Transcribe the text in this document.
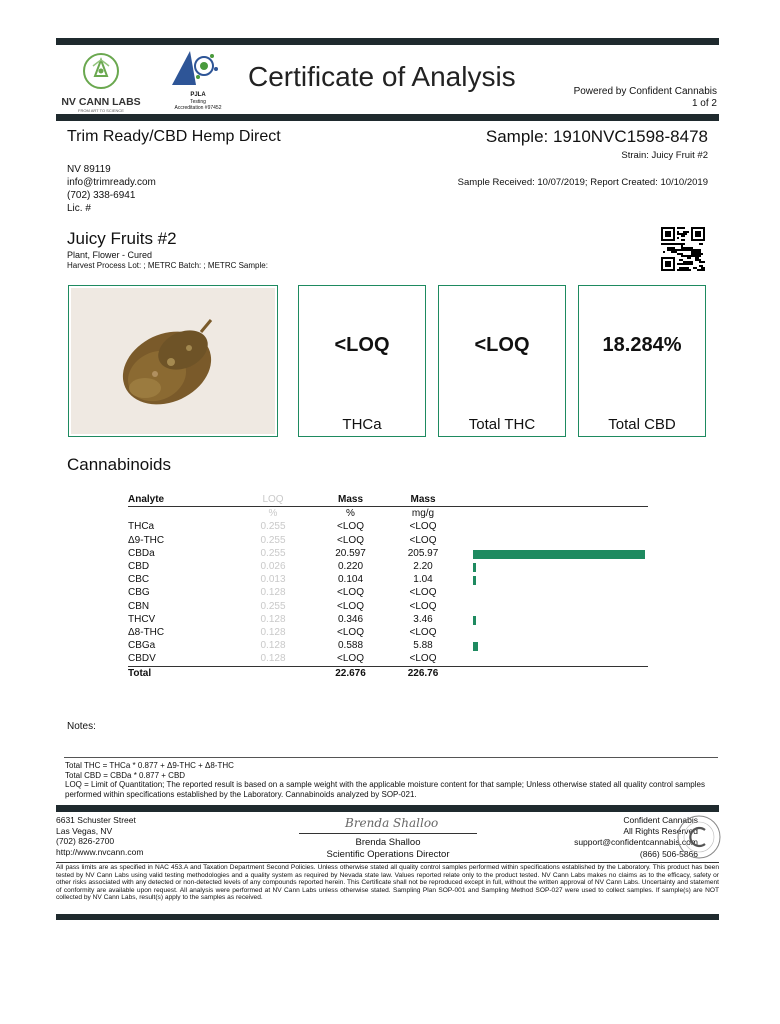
NV CANN LABS
FROM ART TO SCIENCE
PJLA
Testing
Accreditation #97452
Certificate of Analysis	Powered by Confident Cannabis
1 of 2
Trim Ready/CBD Hemp Direct
NV 89119
info@trimready.com
(702) 338-6941
Lic. #
Sample: 1910NVC1598-8478
Strain: Juicy Fruit #2
Sample Received: 10/07/2019; Report Created: 10/10/2019
Juicy Fruits #2
Plant, Flower - Cured
Harvest Process Lot: ; METRC Batch: ; METRC Sample:
<LOQ
THCa
<LOQ
Total THC
18.284%
Total CBD
Cannabinoids
Analyte	LOQ	Mass	Mass	
	%	%	mg/g	
THCa	0.255	<LOQ	<LOQ	
Δ9-THC	0.255	<LOQ	<LOQ	
CBDa	0.255	20.597	205.97	

CBD	0.026	0.220	2.20	

CBC	0.013	0.104	1.04	

CBG	0.128	<LOQ	<LOQ	
CBN	0.255	<LOQ	<LOQ	
THCV	0.128	0.346	3.46	

Δ8-THC	0.128	<LOQ	<LOQ	
CBGa	0.128	0.588	5.88	

CBDV	0.128	<LOQ	<LOQ	
Total		22.676	226.76	
Notes:
Total THC = THCa * 0.877 + Δ9-THC + Δ8-THC
Total CBD = CBDa * 0.877 + CBD
LOQ = Limit of Quantitation; The reported result is based on a sample weight with the applicable moisture content for that sample; Unless otherwise stated all quality control samples performed within specifications established by the Laboratory. Cannabinoids analyzed by SOP-021.
6631 Schuster Street
Las Vegas, NV
(702) 826-2700
http://www.nvcann.com
Brenda Shalloo
Brenda Shalloo
Scientific Operations Director
Confident Cannabis
All Rights Reserved
support@confidentcannabis.com
(866) 506-5866
All pass limits are as specified in NAC 453.A and Taxation Department Second Policies. Unless otherwise stated all quality control samples performed within specifications established by the Laboratory. This product has been tested by NV Cann Labs using valid testing methodologies and a quality system as required by Nevada state law. Values reported relate only to the product tested. NV Cann Labs makes no claims as to the efficacy, safety or other risks associated with any detected or non-detected levels of any compounds reported herein. This Certificate shall not be reproduced except in full, without the written approval of NV Cann Labs. Uncertainty and statement of conformity are available upon request. All analysis were performed at NV Cann Labs unless otherwise stated. Sampling Plan SOP-001 and Sampling Method SOP-027 were used to collect samples. If sample(s) are NOT collected by NV Cann Labs, result(s) apply to the samples as received.
